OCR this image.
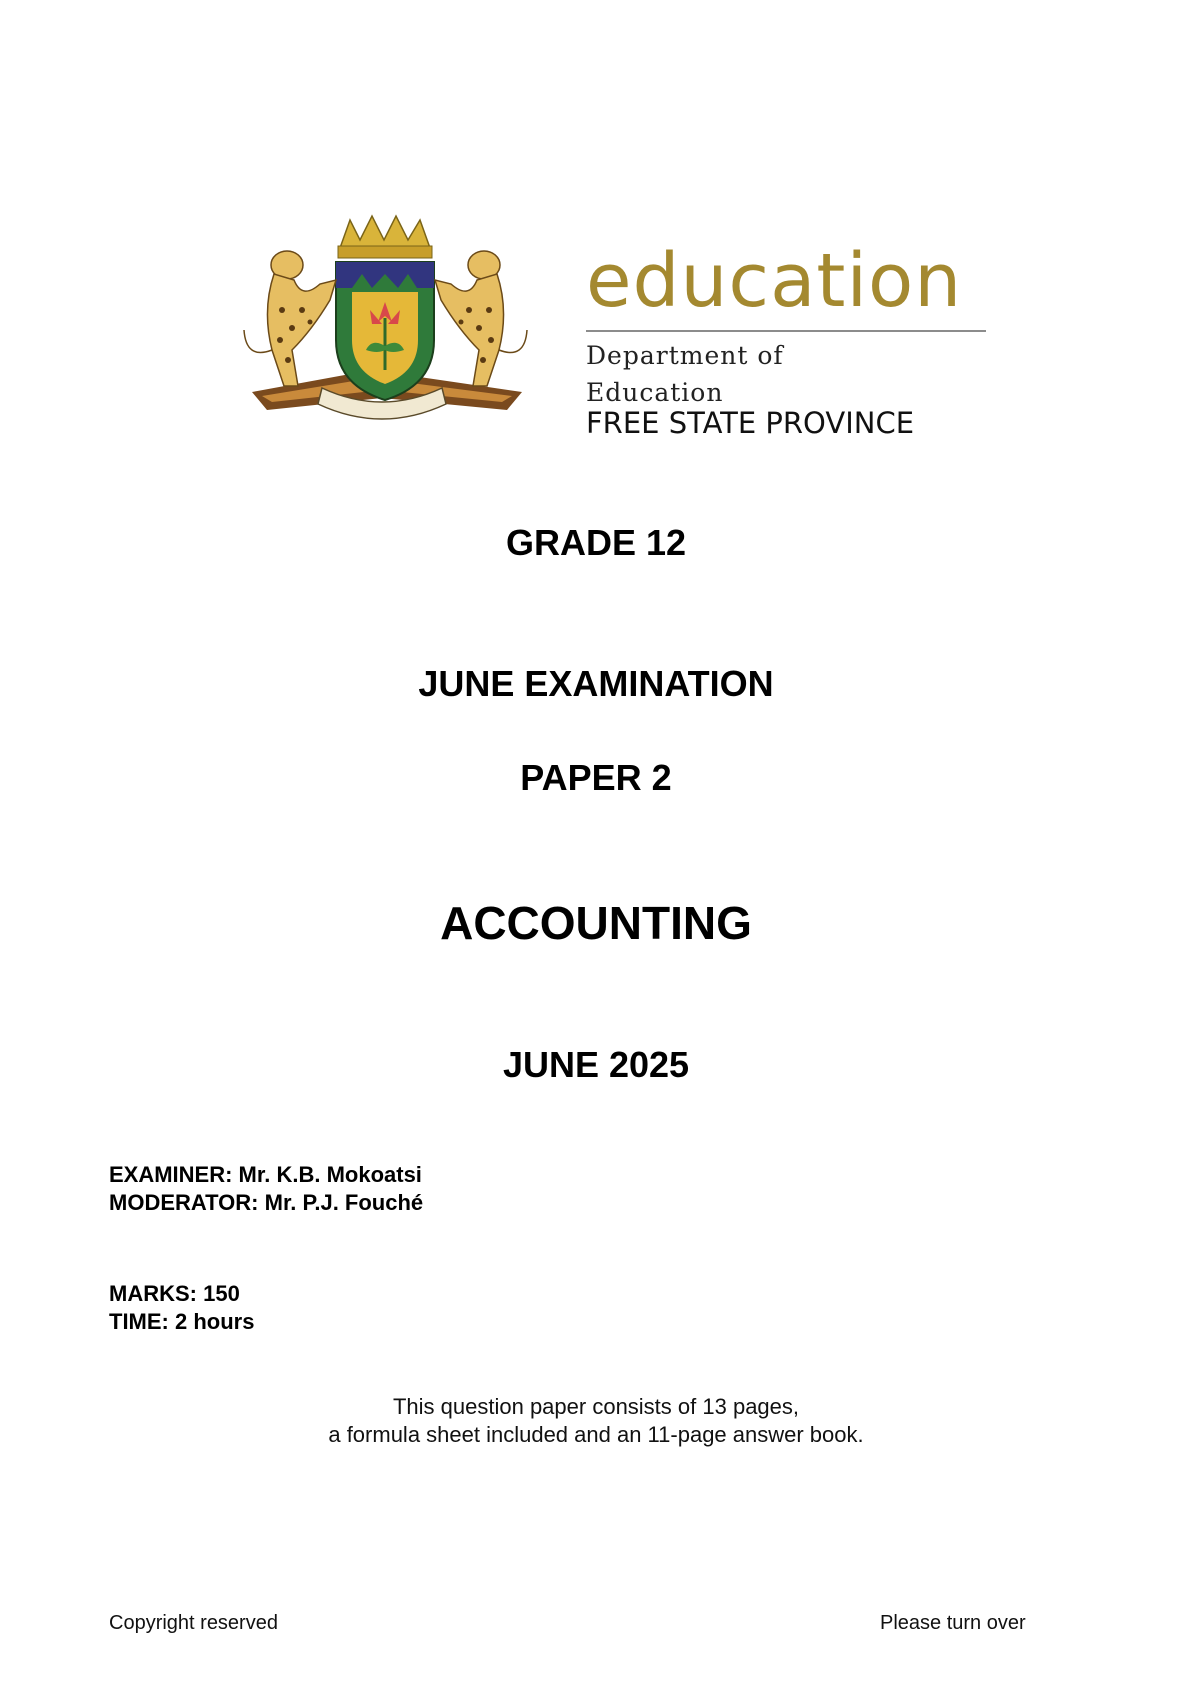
education
Department of
Education
FREE STATE PROVINCE
GRADE 12
JUNE EXAMINATION
PAPER 2
ACCOUNTING
JUNE 2025
EXAMINER: Mr. K.B. Mokoatsi
MODERATOR: Mr. P.J. Fouché
MARKS: 150
TIME: 2 hours
This question paper consists of 13 pages,
a formula sheet included and an 11-page answer book.
Copyright reserved	Please turn over
